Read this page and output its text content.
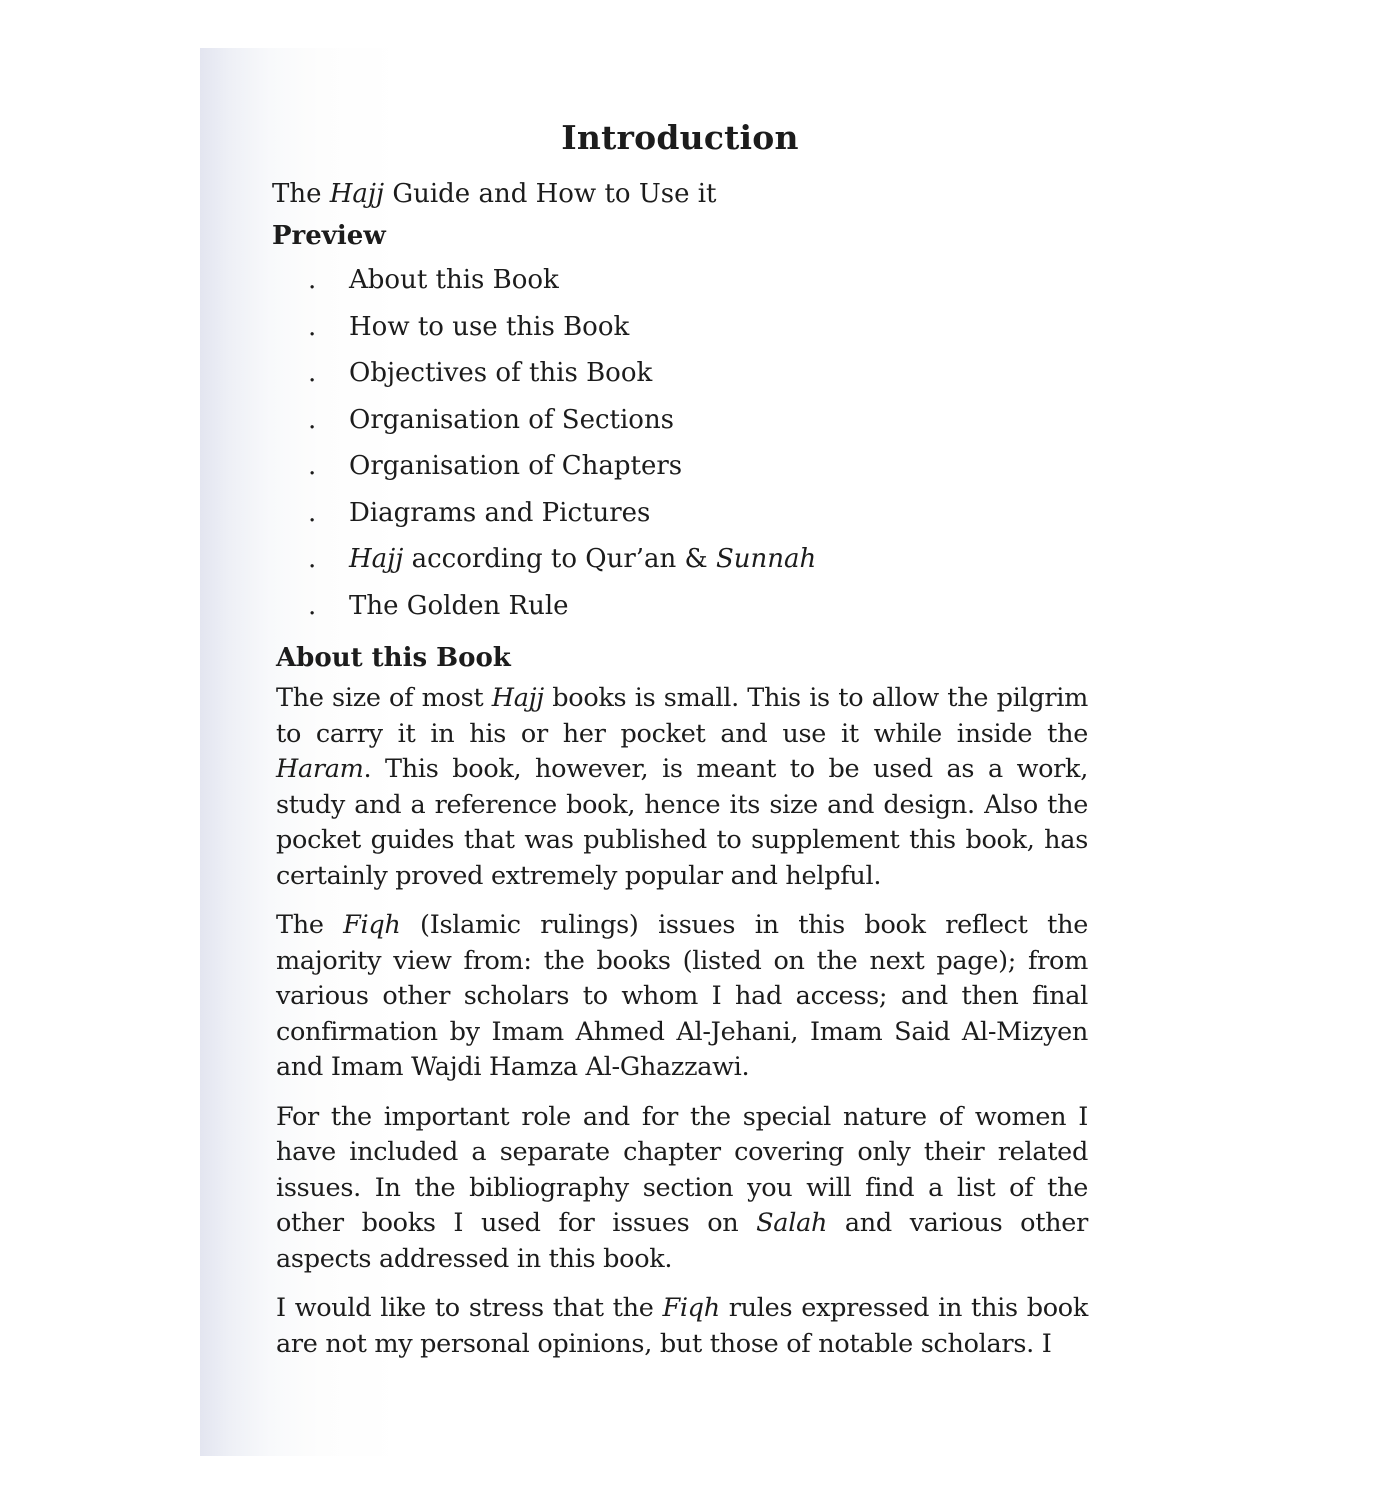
Introduction
The Hajj Guide and How to Use it
Preview
. About this Book
. How to use this Book
. Objectives of this Book
. Organisation of Sections
. Organisation of Chapters
. Diagrams and Pictures
. Hajj according to Qur’an & Sunnah
. The Golden Rule
About this Book

The size of most Hajj books is small. This is to allow the pilgrim to carry it in his or her pocket and use it while inside the Haram. This book, however, is meant to be used as a work, study and a reference book, hence its size and design. Also the pocket guides that was published to supplement this book, has certainly proved extremely popular and helpful.

The Fiqh (Islamic rulings) issues in this book reflect the majority view from: the books (listed on the next page); from various other scholars to whom I had access; and then final confirmation by Imam Ahmed Al-Jehani, Imam Said Al-Mizyen and Imam Wajdi Hamza Al-Ghazzawi.

For the important role and for the special nature of women I have included a separate chapter covering only their related issues. In the bibliography section you will find a list of the other books I used for issues on Salah and various other aspects addressed in this book.

I would like to stress that the Fiqh rules expressed in this book are not my personal opinions, but those of notable scholars. I
